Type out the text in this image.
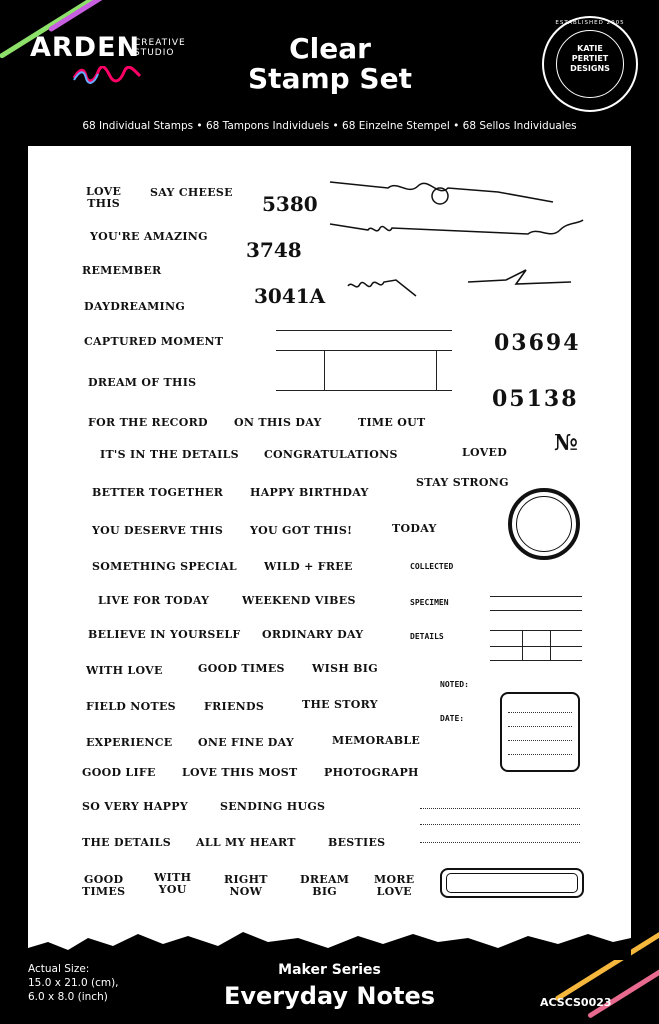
ARDEN
CREATIVE
STUDIO	Clear
Stamp Set
ESTABLISHED 2005
KATIE
PERTIET
DESIGNS
68 Individual Stamps • 68 Tampons Individuels • 68 Einzelne Stempel • 68 Sellos Individuales
LOVE
THIS
SAY CHEESE
YOU'RE AMAZING
REMEMBER
DAYDREAMING
CAPTURED MOMENT
DREAM OF THIS
5380
3748
3041A
03694
05138
№
FOR THE RECORD ON THIS DAY	TIME OUT
IT'S IN THE DETAILS CONGRATULATIONS	LOVED
BETTER TOGETHER HAPPY BIRTHDAY
STAY STRONG
YOU DESERVE THIS YOU GOT THIS!	TODAY
SOMETHING SPECIAL WILD + FREE	COLLECTED
LIVE FOR TODAY	WEEKEND VIBES	SPECIMEN
BELIEVE IN YOURSELF ORDINARY DAY	DETAILS
WITH LOVE	GOOD TIMES WISH BIG
NOTED:
FIELD NOTES	FRIENDS	THE STORY
DATE:
EXPERIENCE ONE FINE DAY	MEMORABLE
GOOD LIFE LOVE THIS MOST PHOTOGRAPH
SO VERY HAPPY	SENDING HUGS
THE DETAILS ALL MY HEART	BESTIES
GOOD
TIMES
WITH
YOU
RIGHT
NOW
DREAM
BIG
MORE
LOVE
Actual Size:
15.0 x 21.0 (cm),
6.0 x 8.0 (inch)
Maker Series
Everyday Notes	ACSCS0023
